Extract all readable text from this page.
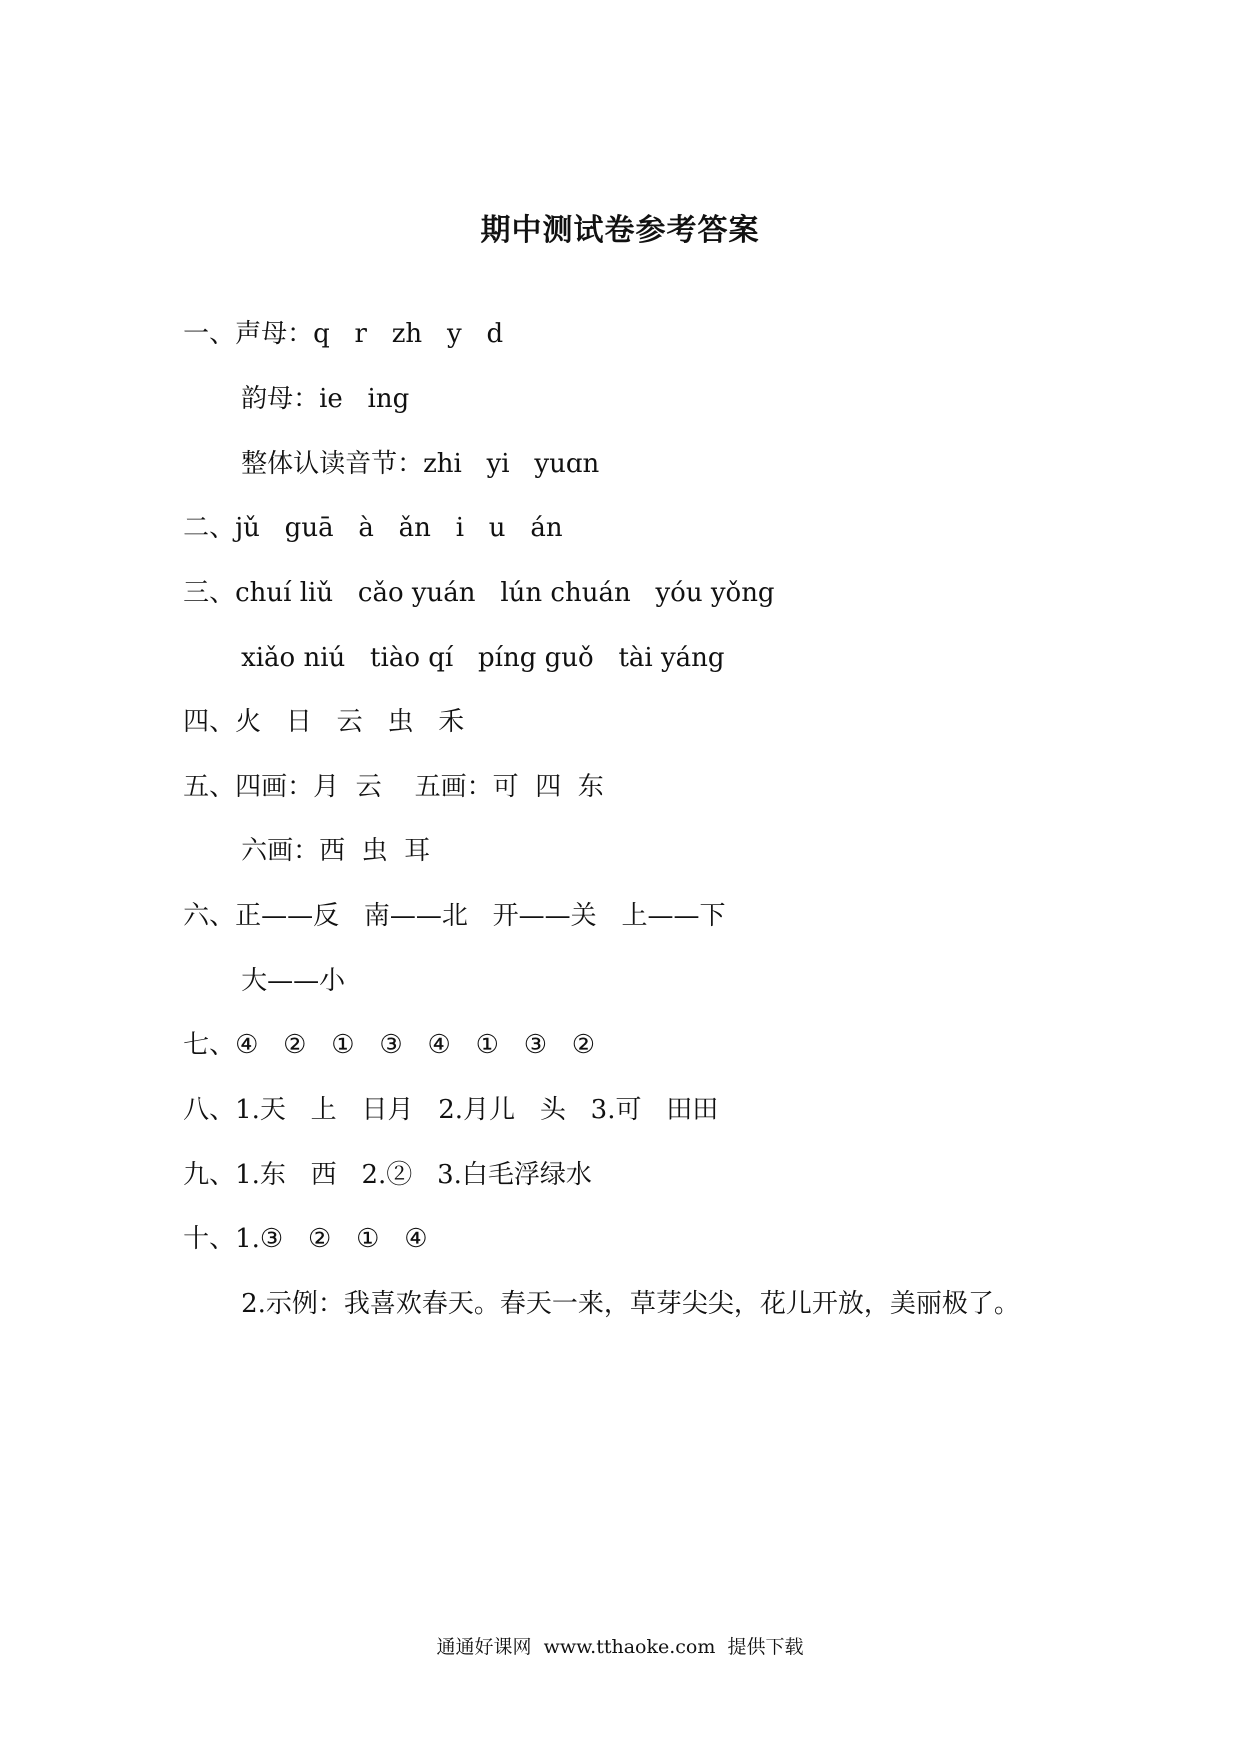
期中测试卷参考答案

一、声母：q   r   zh   y   d

韵母：ie   ing

整体认读音节：zhi   yi   yuɑn

二、jǔ   guā   à   ǎn   i   u   án

三、chuí liǔ   cǎo yuán   lún chuán   yóu yǒng

xiǎo niú   tiào qí   píng guǒ   tài yáng

四、火   日   云   虫   禾

五、四画：月  云    五画：可  四  东

六画：西  虫  耳

六、正——反   南——北   开——关   上——下

大——小

七、④   ②   ①   ③   ④   ①   ③   ②

八、1.天   上   日月   2.月儿   头   3.可   田田

九、1.东   西   2.②   3.白毛浮绿水

十、1.③   ②   ①   ④

2.示例：我喜欢春天。春天一来，草芽尖尖，花儿开放，美丽极了。

通通好课网  www.tthaoke.com  提供下载
